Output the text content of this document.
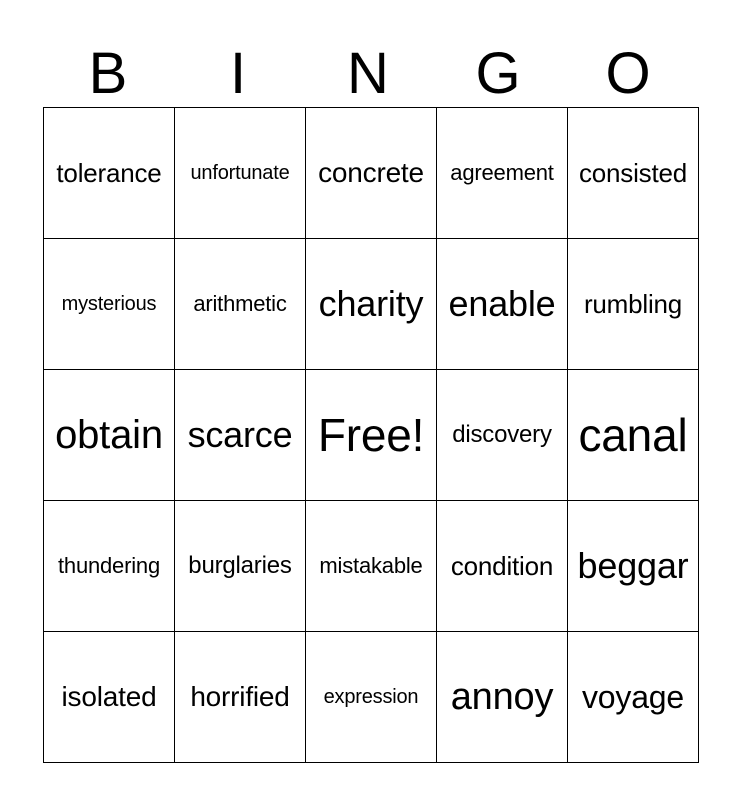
B	I	N	G	O
tolerance	unfortunate	concrete	agreement	consisted
mysterious	arithmetic	charity	enable	rumbling
obtain	scarce	Free!	discovery	canal
thundering	burglaries	mistakable	condition	beggar
isolated	horrified	expression	annoy	voyage
